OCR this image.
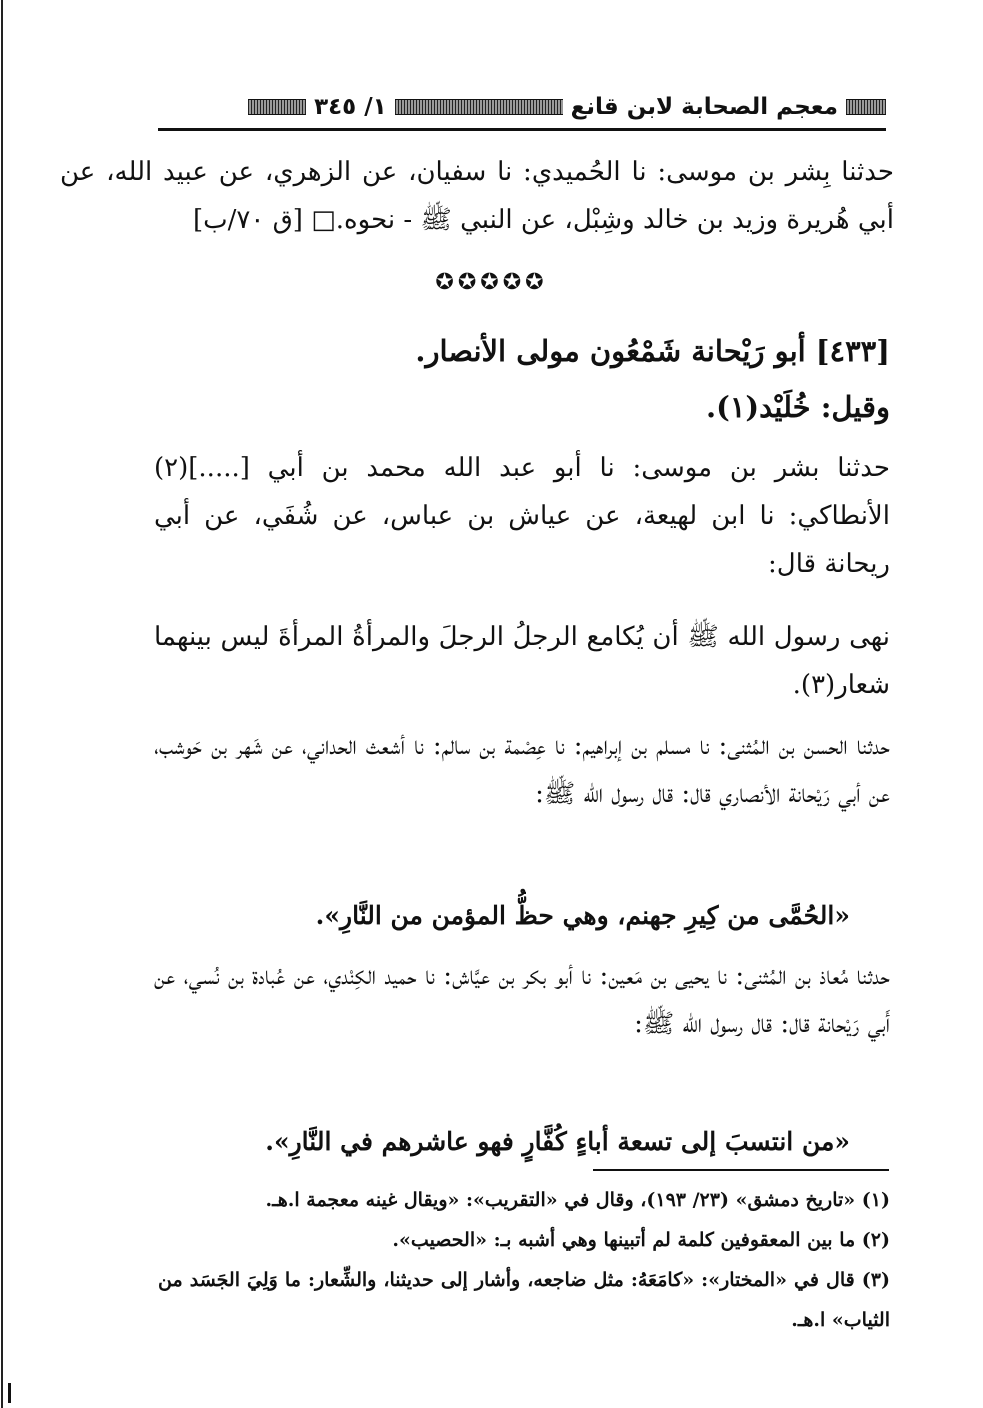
معجم الصحابة لابن قانع
١/ ٣٤٥
حدثنا بِشر بن موسى: نا الحُميدي: نا سفيان، عن الزهري، عن عبيد الله، عن أبي هُريرة وزيد بن خالد وشِبْل، عن النبي ﷺ - نحوه.□ [ق ٧٠/ب]
✪✪✪✪✪
[٤٣٣] أبو رَيْحانة شَمْعُون مولى الأنصار.
وقيل: خُلَيْد(١).
حدثنا بشر بن موسى: نا أبو عبد الله محمد بن أبي [.....](٢) الأنطاكي: نا ابن لهيعة، عن عياش بن عباس، عن شُفَي، عن أبي ريحانة قال:
نهى رسول الله ﷺ أن يُكامع الرجلُ الرجلَ والمرأةُ المرأةَ ليس بينهما شعار(٣).
حدثنا الحسن بن المُثنى: نا مسلم بن إبراهيم: نا عِصْمة بن سالم: نا أشعث الحداني، عن شَهر بن حَوشب، عن أبي رَيْحانة الأنصاري قال: قال رسول الله ﷺ:
«الحُمَّى من كِيرِ جهنم، وهي حظُّ المؤمن من النَّارِ».
حدثنا مُعاذ بن المُثنى: نا يحيى بن مَعين: نا أبو بكر بن عيَّاش: نا حميد الكِنْدي، عن عُبادة بن نُسي، عن أَبي رَيْحانة قال: قال رسول الله ﷺ:
«من انتسبَ إلى تسعة أباءٍ كُفَّارٍ فهو عاشرهم في النَّارِ».

(١) «تاريخ دمشق» (٢٣/ ١٩٣)، وقال في «التقريب»: «ويقال غينه معجمة ا.هـ.

(٢) ما بين المعقوفين كلمة لم أتبينها وهي أشبه بـ: «الحصيب».

(٣) قال في «المختار»: «كامَعَهُ: مثل ضاجعه، وأشار إلى حديثنا، والشِّعار: ما وَلِيَ الجَسَد من الثياب» ا.هـ.
